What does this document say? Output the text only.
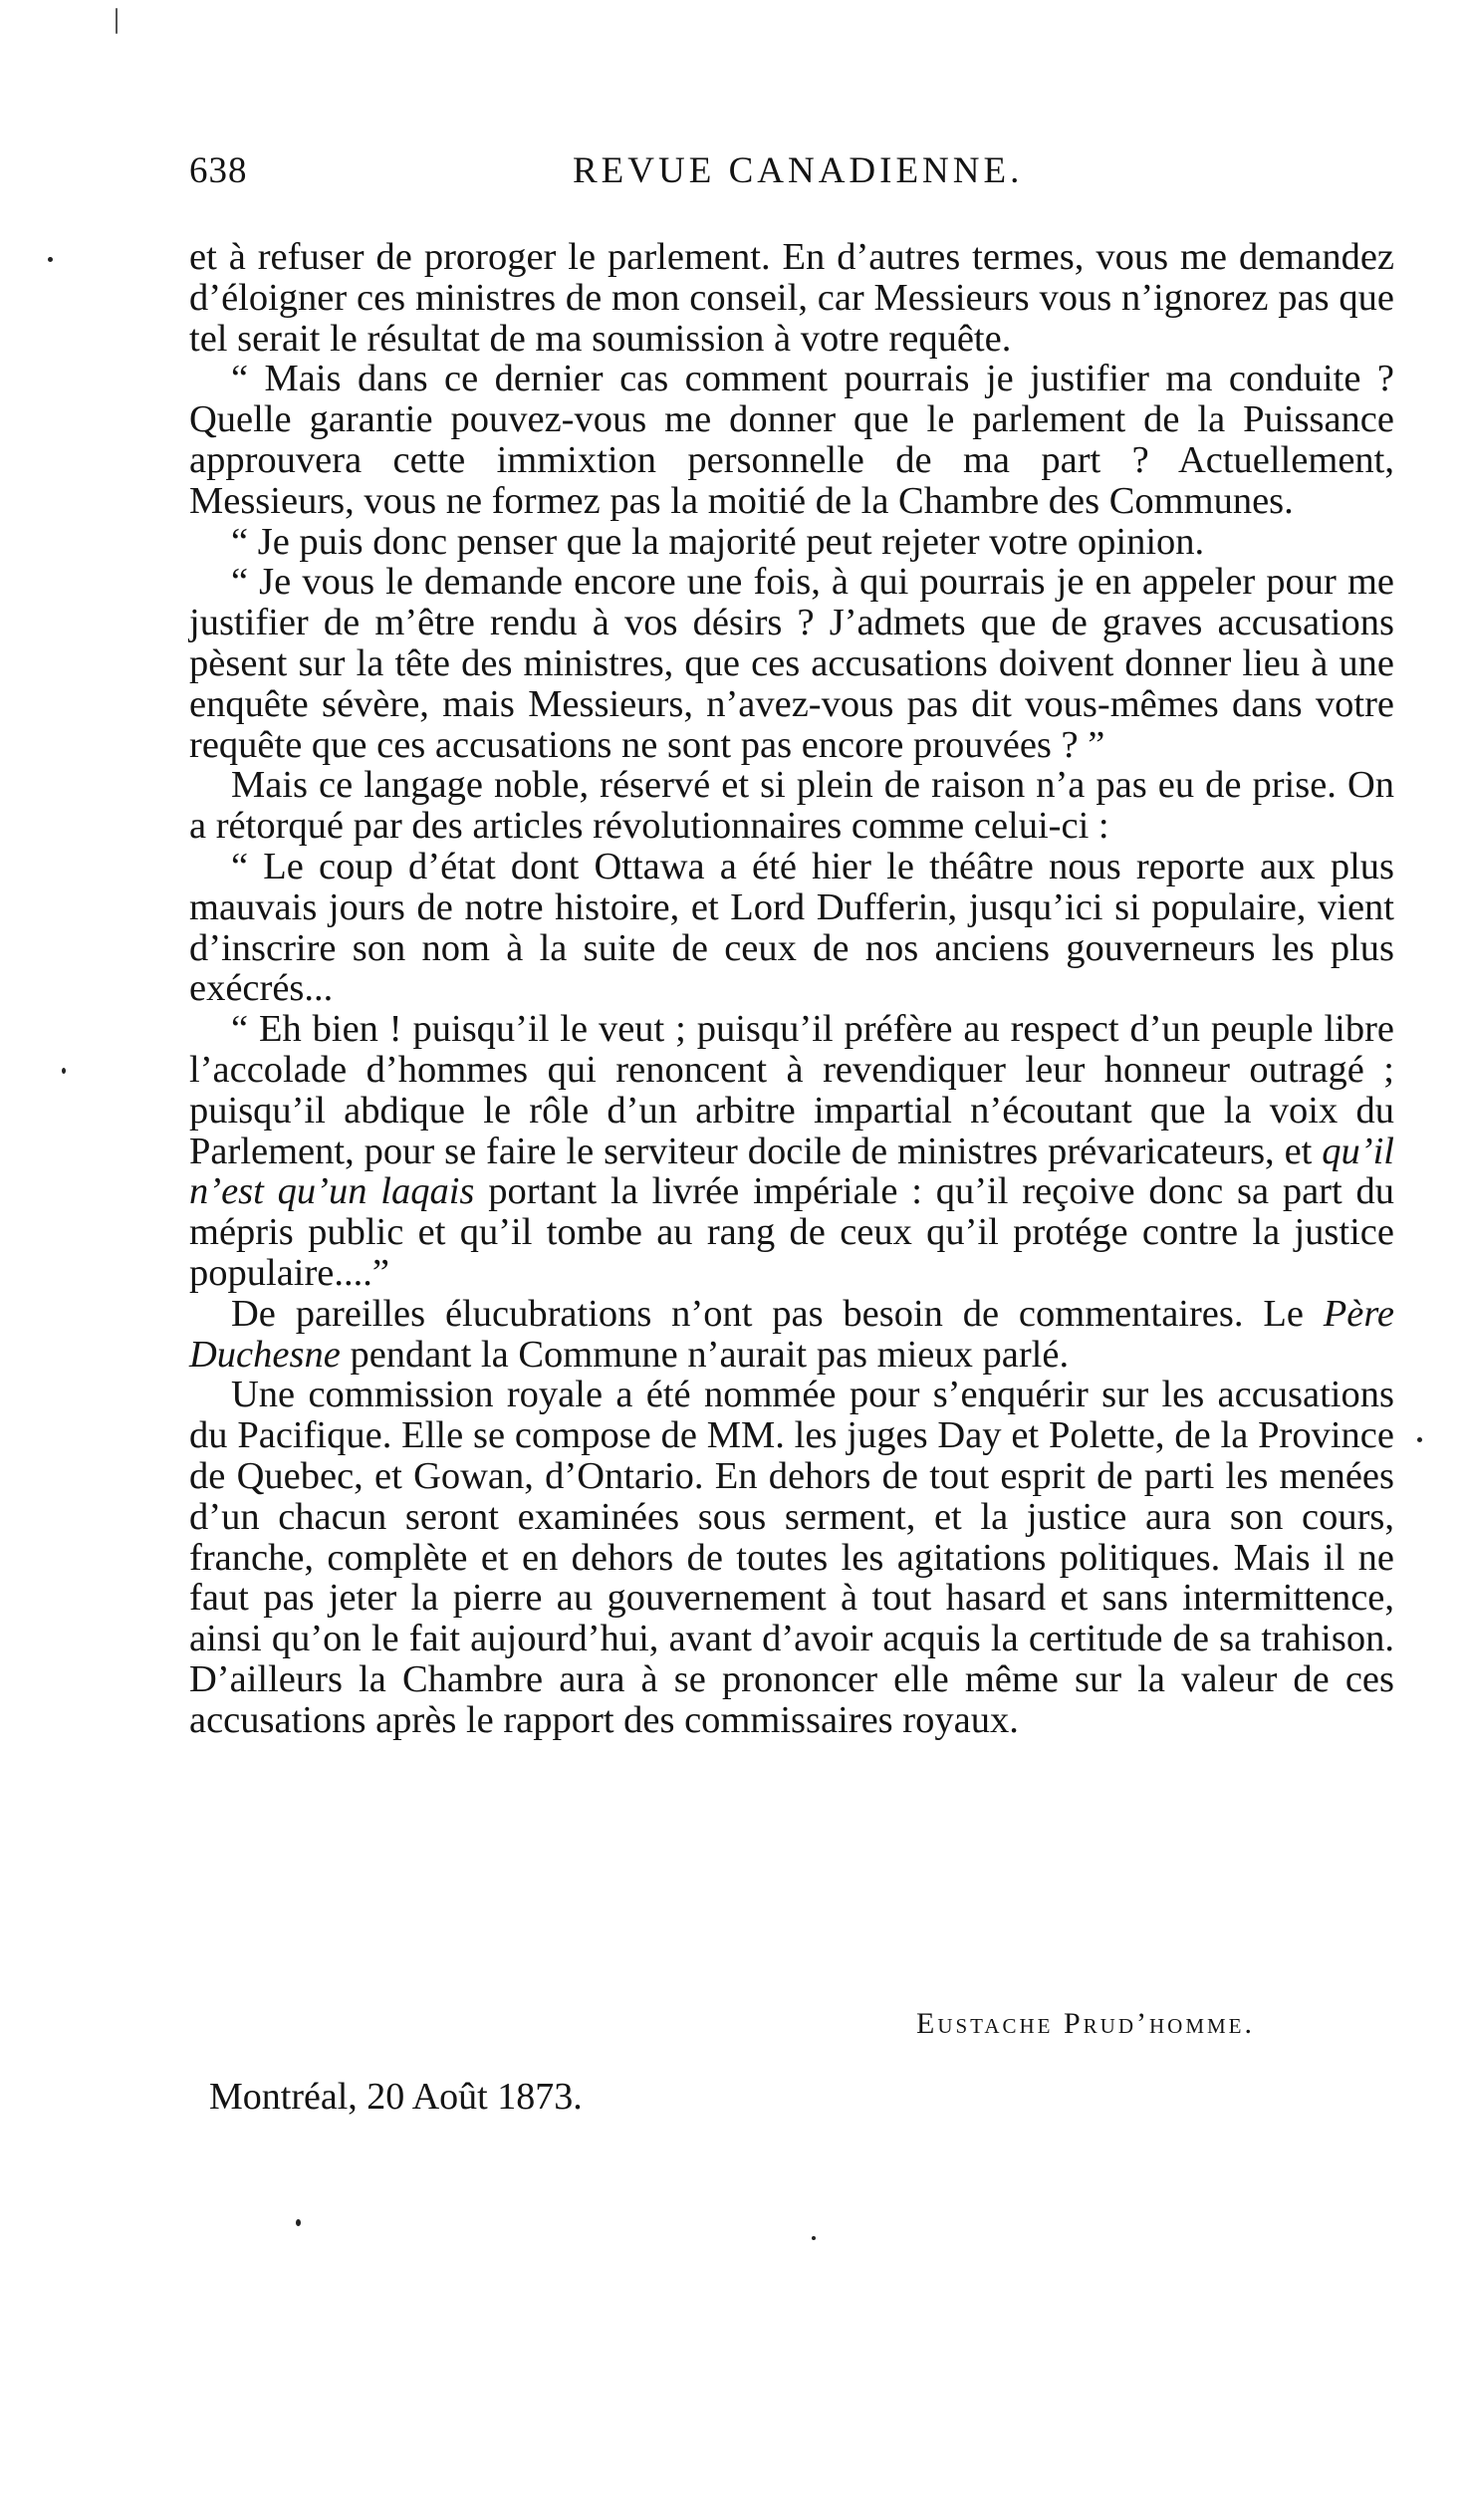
638	REVUE CANADIENNE.

et à refuser de proroger le parlement. En d’autres termes, vous me demandez d’éloigner ces ministres de mon conseil, car Messieurs vous n’ignorez pas que tel serait le résultat de ma soumission à votre requête.

“ Mais dans ce dernier cas comment pourrais je justifier ma conduite ? Quelle garantie pouvez-vous me donner que le parlement de la Puissance approuvera cette immixtion personnelle de ma part ? Actuellement, Messieurs, vous ne formez pas la moitié de la Chambre des Communes.

“ Je puis donc penser que la majorité peut rejeter votre opinion.

“ Je vous le demande encore une fois, à qui pourrais je en appeler pour me justifier de m’être rendu à vos désirs ? J’admets que de graves accusations pèsent sur la tête des ministres, que ces accusations doivent donner lieu à une enquête sévère, mais Messieurs, n’avez-vous pas dit vous-mêmes dans votre requête que ces accusations ne sont pas encore prouvées ? ”

Mais ce langage noble, réservé et si plein de raison n’a pas eu de prise. On a rétorqué par des articles révolutionnaires comme celui-ci :

“ Le coup d’état dont Ottawa a été hier le théâtre nous reporte aux plus mauvais jours de notre histoire, et Lord Dufferin, jusqu’ici si populaire, vient d’inscrire son nom à la suite de ceux de nos anciens gouverneurs les plus exécrés...

“ Eh bien ! puisqu’il le veut ; puisqu’il préfère au respect d’un peuple libre l’accolade d’hommes qui renoncent à revendiquer leur honneur outragé ; puisqu’il abdique le rôle d’un arbitre impartial n’écoutant que la voix du Parlement, pour se faire le serviteur docile de ministres prévaricateurs, et qu’il n’est qu’un laqais portant la livrée impériale : qu’il reçoive donc sa part du mépris public et qu’il tombe au rang de ceux qu’il protége contre la justice populaire....”

De pareilles élucubrations n’ont pas besoin de commentaires. Le Père Duchesne pendant la Commune n’aurait pas mieux parlé.

Une commission royale a été nommée pour s’enquérir sur les accusations du Pacifique. Elle se compose de MM. les juges Day et Polette, de la Province de Quebec, et Gowan, d’Ontario. En dehors de tout esprit de parti les menées d’un chacun seront examinées sous serment, et la justice aura son cours, franche, complète et en dehors de toutes les agitations politiques. Mais il ne faut pas jeter la pierre au gouvernement à tout hasard et sans intermittence, ainsi qu’on le fait aujourd’hui, avant d’avoir acquis la certitude de sa trahison. D’ailleurs la Chambre aura à se prononcer elle même sur la valeur de ces accusations après le rapport des commissaires royaux.

Eustache Prud’homme.
Montréal, 20 Août 1873.
